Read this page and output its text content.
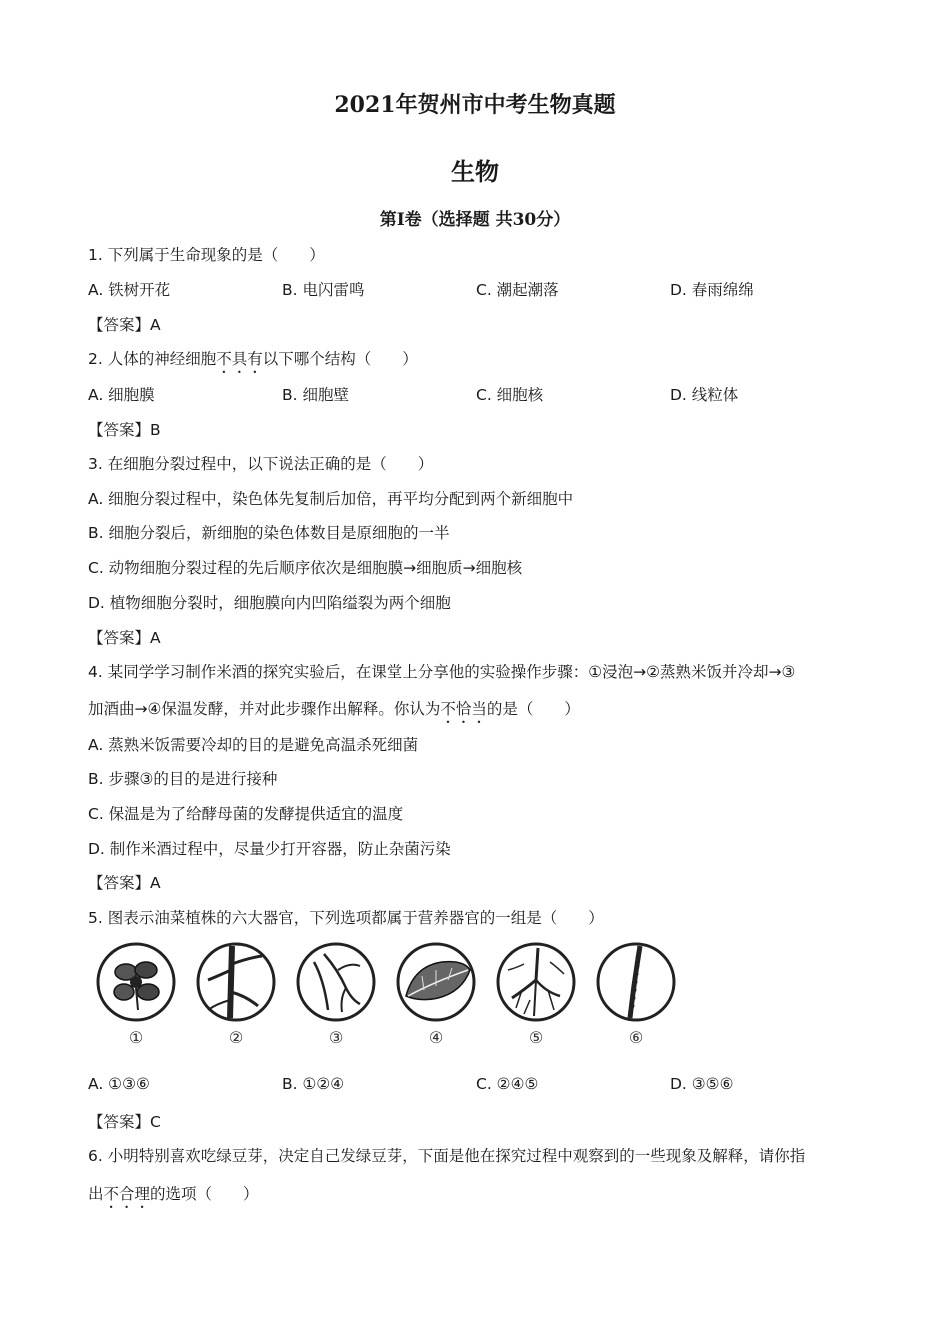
2021年贺州市中考生物真题
生物
第I卷（选择题 共30分）
1. 下列属于生命现象的是（　　）
A. 铁树开花	B. 电闪雷鸣	C. 潮起潮落	D. 春雨绵绵
【答案】A
2. 人体的神经细胞不具有以下哪个结构（　　）
A. 细胞膜	B. 细胞壁	C. 细胞核	D. 线粒体
【答案】B
3. 在细胞分裂过程中，以下说法正确的是（　　）
A. 细胞分裂过程中，染色体先复制后加倍，再平均分配到两个新细胞中
B. 细胞分裂后，新细胞的染色体数目是原细胞的一半
C. 动物细胞分裂过程的先后顺序依次是细胞膜→细胞质→细胞核
D. 植物细胞分裂时，细胞膜向内凹陷缢裂为两个细胞
【答案】A
4. 某同学学习制作米酒的探究实验后，在课堂上分享他的实验操作步骤：①浸泡→②蒸熟米饭并冷却→③
加酒曲→④保温发酵，并对此步骤作出解释。你认为不恰当的是（　　）
A. 蒸熟米饭需要冷却的目的是避免高温杀死细菌
B. 步骤③的目的是进行接种
C. 保温是为了给酵母菌的发酵提供适宜的温度
D. 制作米酒过程中，尽量少打开容器，防止杂菌污染
【答案】A
5. 图表示油菜植株的六大器官，下列选项都属于营养器官的一组是（　　）
①	②	③	④	⑤	⑥
A. ①③⑥	B. ①②④	C. ②④⑤	D. ③⑤⑥
【答案】C
6. 小明特别喜欢吃绿豆芽，决定自己发绿豆芽，下面是他在探究过程中观察到的一些现象及解释，请你指
出不合理的选项（　　）
